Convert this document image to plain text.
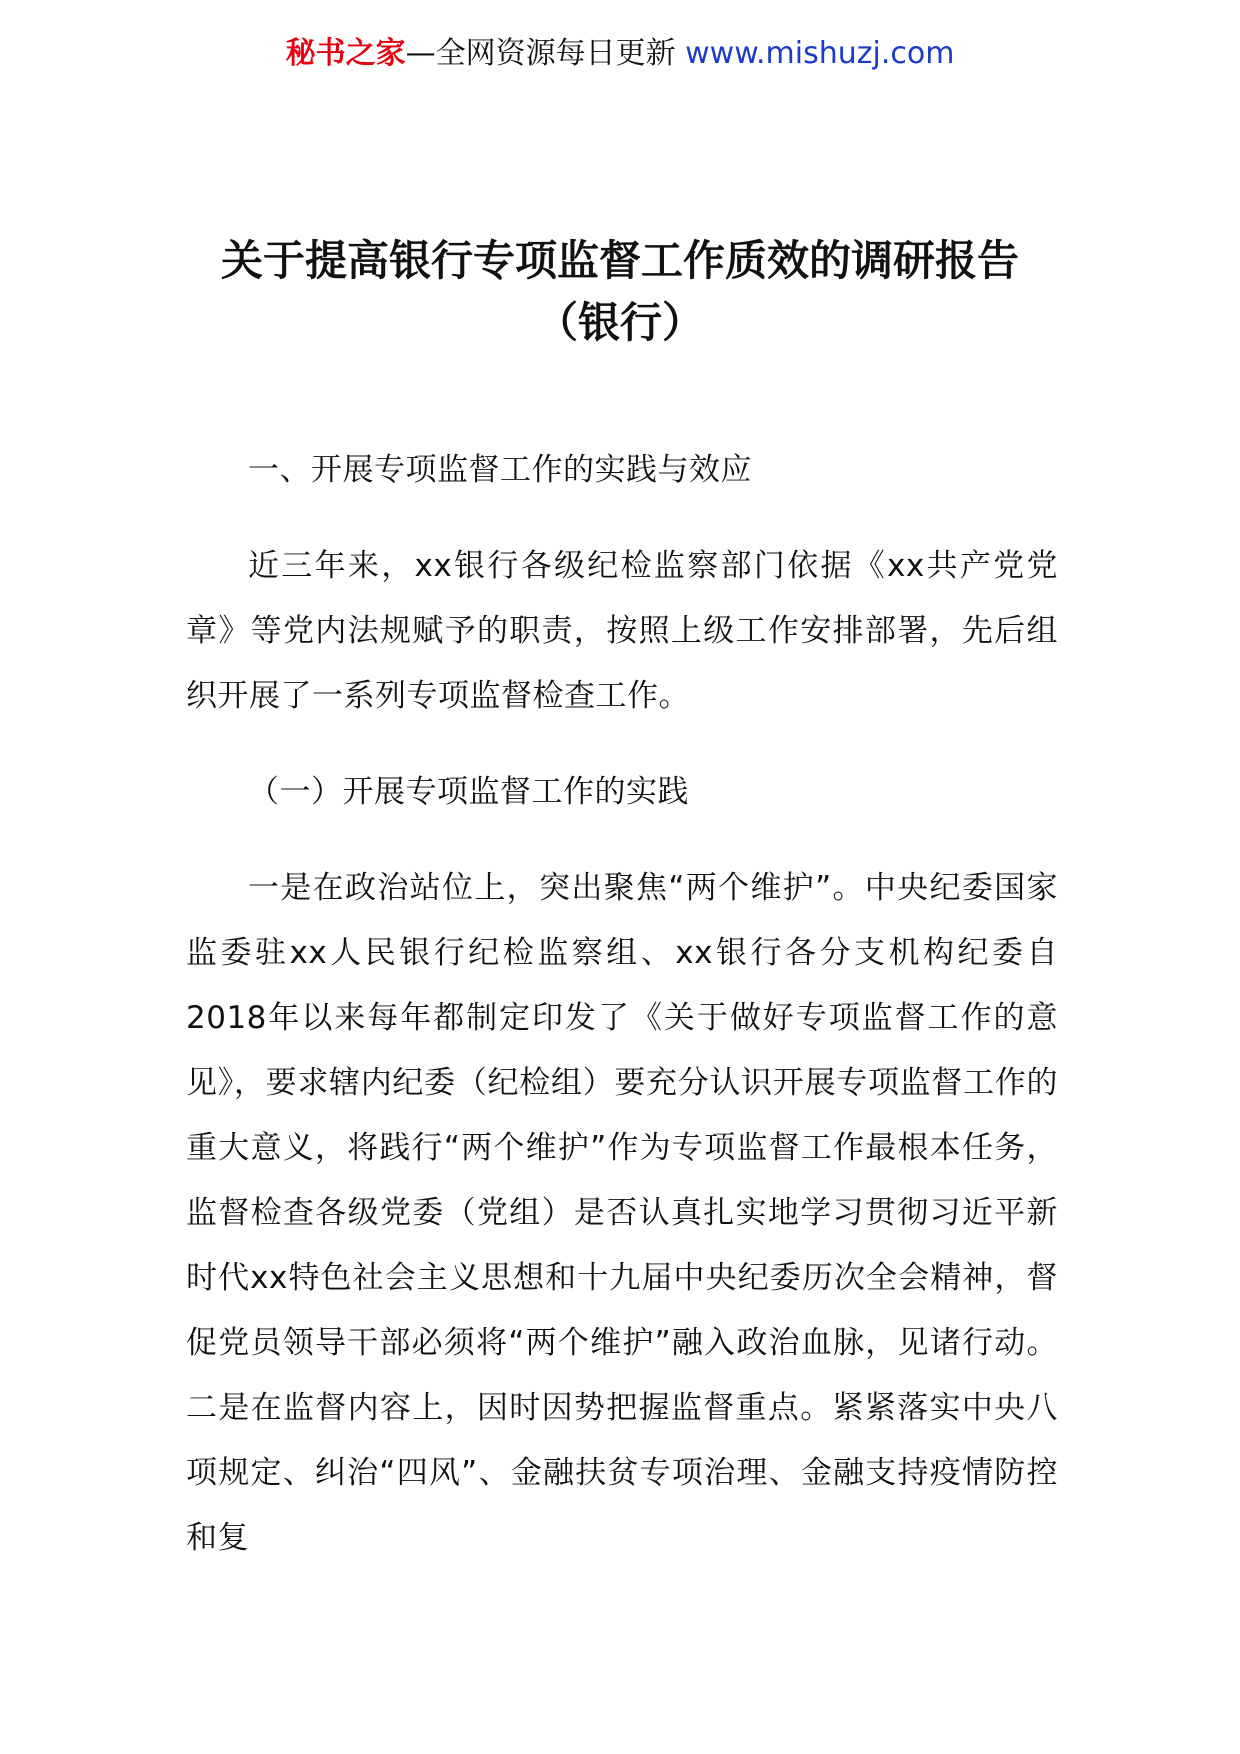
秘书之家—全网资源每日更新 www.mishuzj.com
关于提高银行专项监督工作质效的调研报告（银行）

一、开展专项监督工作的实践与效应

近三年来，xx银行各级纪检监察部门依据《xx共产党党章》等党内法规赋予的职责，按照上级工作安排部署，先后组织开展了一系列专项监督检查工作。

（一）开展专项监督工作的实践

一是在政治站位上，突出聚焦“两个维护”。中央纪委国家监委驻xx人民银行纪检监察组、xx银行各分支机构纪委自2018年以来每年都制定印发了《关于做好专项监督工作的意见》，要求辖内纪委（纪检组）要充分认识开展专项监督工作的重大意义，将践行“两个维护”作为专项监督工作最根本任务，监督检查各级党委（党组）是否认真扎实地学习贯彻习近平新时代xx特色社会主义思想和十九届中央纪委历次全会精神，督促党员领导干部必须将“两个维护”融入政治血脉，见诸行动。二是在监督内容上，因时因势把握监督重点。紧紧落实中央八项规定、纠治“四风”、金融扶贫专项治理、金融支持疫情防控和复
